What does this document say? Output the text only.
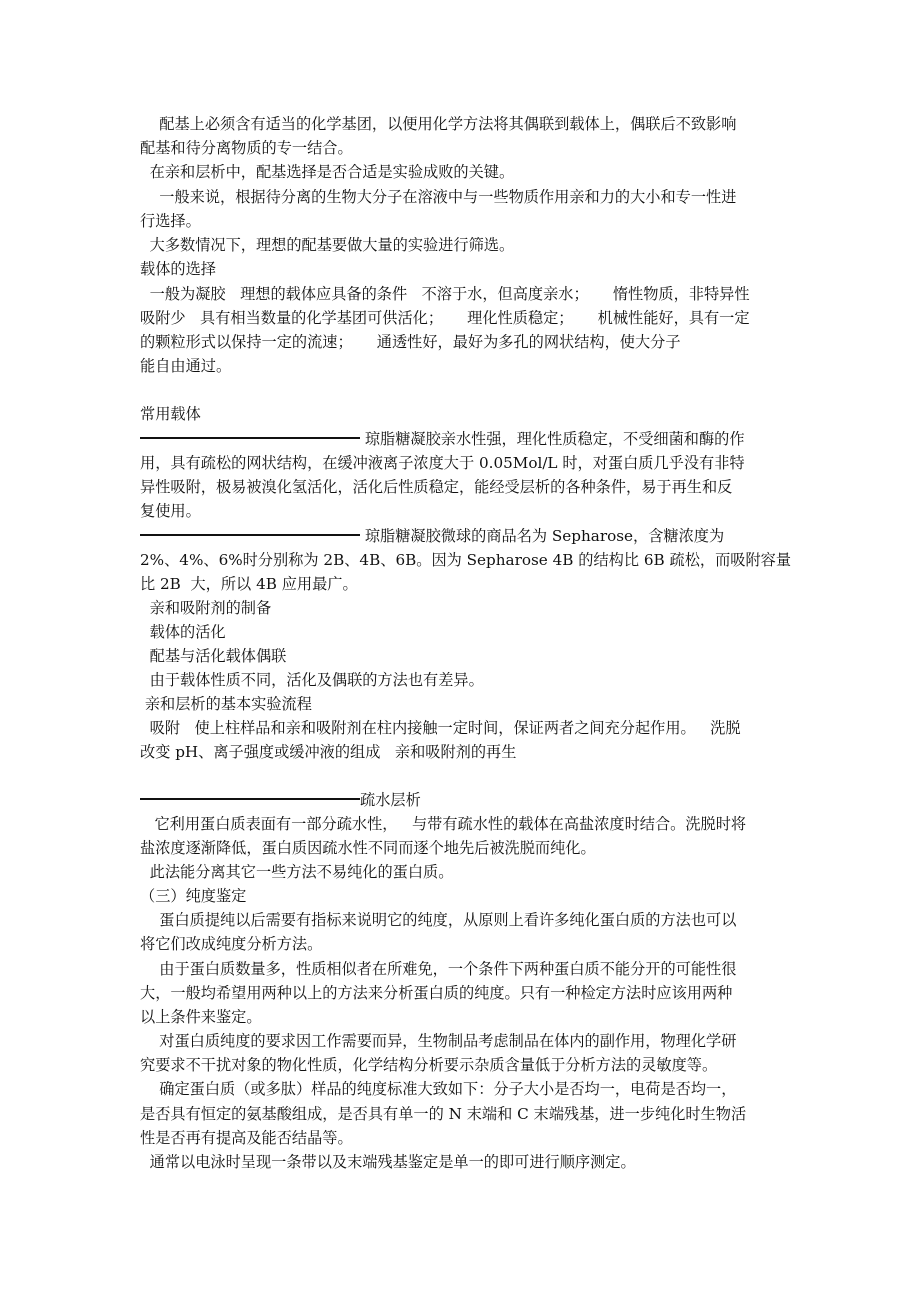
配基上必须含有适当的化学基团，以便用化学方法将其偶联到载体上，偶联后不致影响
配基和待分离物质的专一结合。
在亲和层析中，配基选择是否合适是实验成败的关键。
一般来说，根据待分离的生物大分子在溶液中与一些物质作用亲和力的大小和专一性进
行选择。
大多数情况下，理想的配基要做大量的实验进行筛选。
载体的选择
一般为凝胶   理想的载体应具备的条件   不溶于水，但高度亲水；     惰性物质，非特异性
吸附少   具有相当数量的化学基团可供活化；     理化性质稳定；     机械性能好，具有一定
的颗粒形式以保持一定的流速；     通透性好，最好为多孔的网状结构，使大分子
能自由通过。
常用载体
琼脂糖凝胶亲水性强，理化性质稳定，不受细菌和酶的作
用，具有疏松的网状结构，在缓冲液离子浓度大于 0.05Mol/L 时，对蛋白质几乎没有非特
异性吸附，极易被溴化氢活化，活化后性质稳定，能经受层析的各种条件，易于再生和反
复使用。
琼脂糖凝胶微球的商品名为 Sepharose，含糖浓度为
2%、4%、6%时分别称为 2B、4B、6B。因为 Sepharose 4B 的结构比 6B 疏松，而吸附容量
比 2B  大，所以 4B 应用最广。
亲和吸附剂的制备
载体的活化
配基与活化载体偶联
由于载体性质不同，活化及偶联的方法也有差异。
亲和层析的基本实验流程
吸附   使上柱样品和亲和吸附剂在柱内接触一定时间，保证两者之间充分起作用。   洗脱
改变 pH、离子强度或缓冲液的组成   亲和吸附剂的再生
疏水层析
它利用蛋白质表面有一部分疏水性，   与带有疏水性的载体在高盐浓度时结合。洗脱时将
盐浓度逐渐降低，蛋白质因疏水性不同而逐个地先后被洗脱而纯化。
此法能分离其它一些方法不易纯化的蛋白质。
（三）纯度鉴定
蛋白质提纯以后需要有指标来说明它的纯度，从原则上看许多纯化蛋白质的方法也可以
将它们改成纯度分析方法。
由于蛋白质数量多，性质相似者在所难免，一个条件下两种蛋白质不能分开的可能性很
大，一般均希望用两种以上的方法来分析蛋白质的纯度。只有一种检定方法时应该用两种
以上条件来鉴定。
对蛋白质纯度的要求因工作需要而异，生物制品考虑制品在体内的副作用，物理化学研
究要求不干扰对象的物化性质，化学结构分析要示杂质含量低于分析方法的灵敏度等。
确定蛋白质（或多肽）样品的纯度标准大致如下：分子大小是否均一，电荷是否均一，
是否具有恒定的氨基酸组成，是否具有单一的 N 末端和 C 末端残基，进一步纯化时生物活
性是否再有提高及能否结晶等。
通常以电泳时呈现一条带以及末端残基鉴定是单一的即可进行顺序测定。
